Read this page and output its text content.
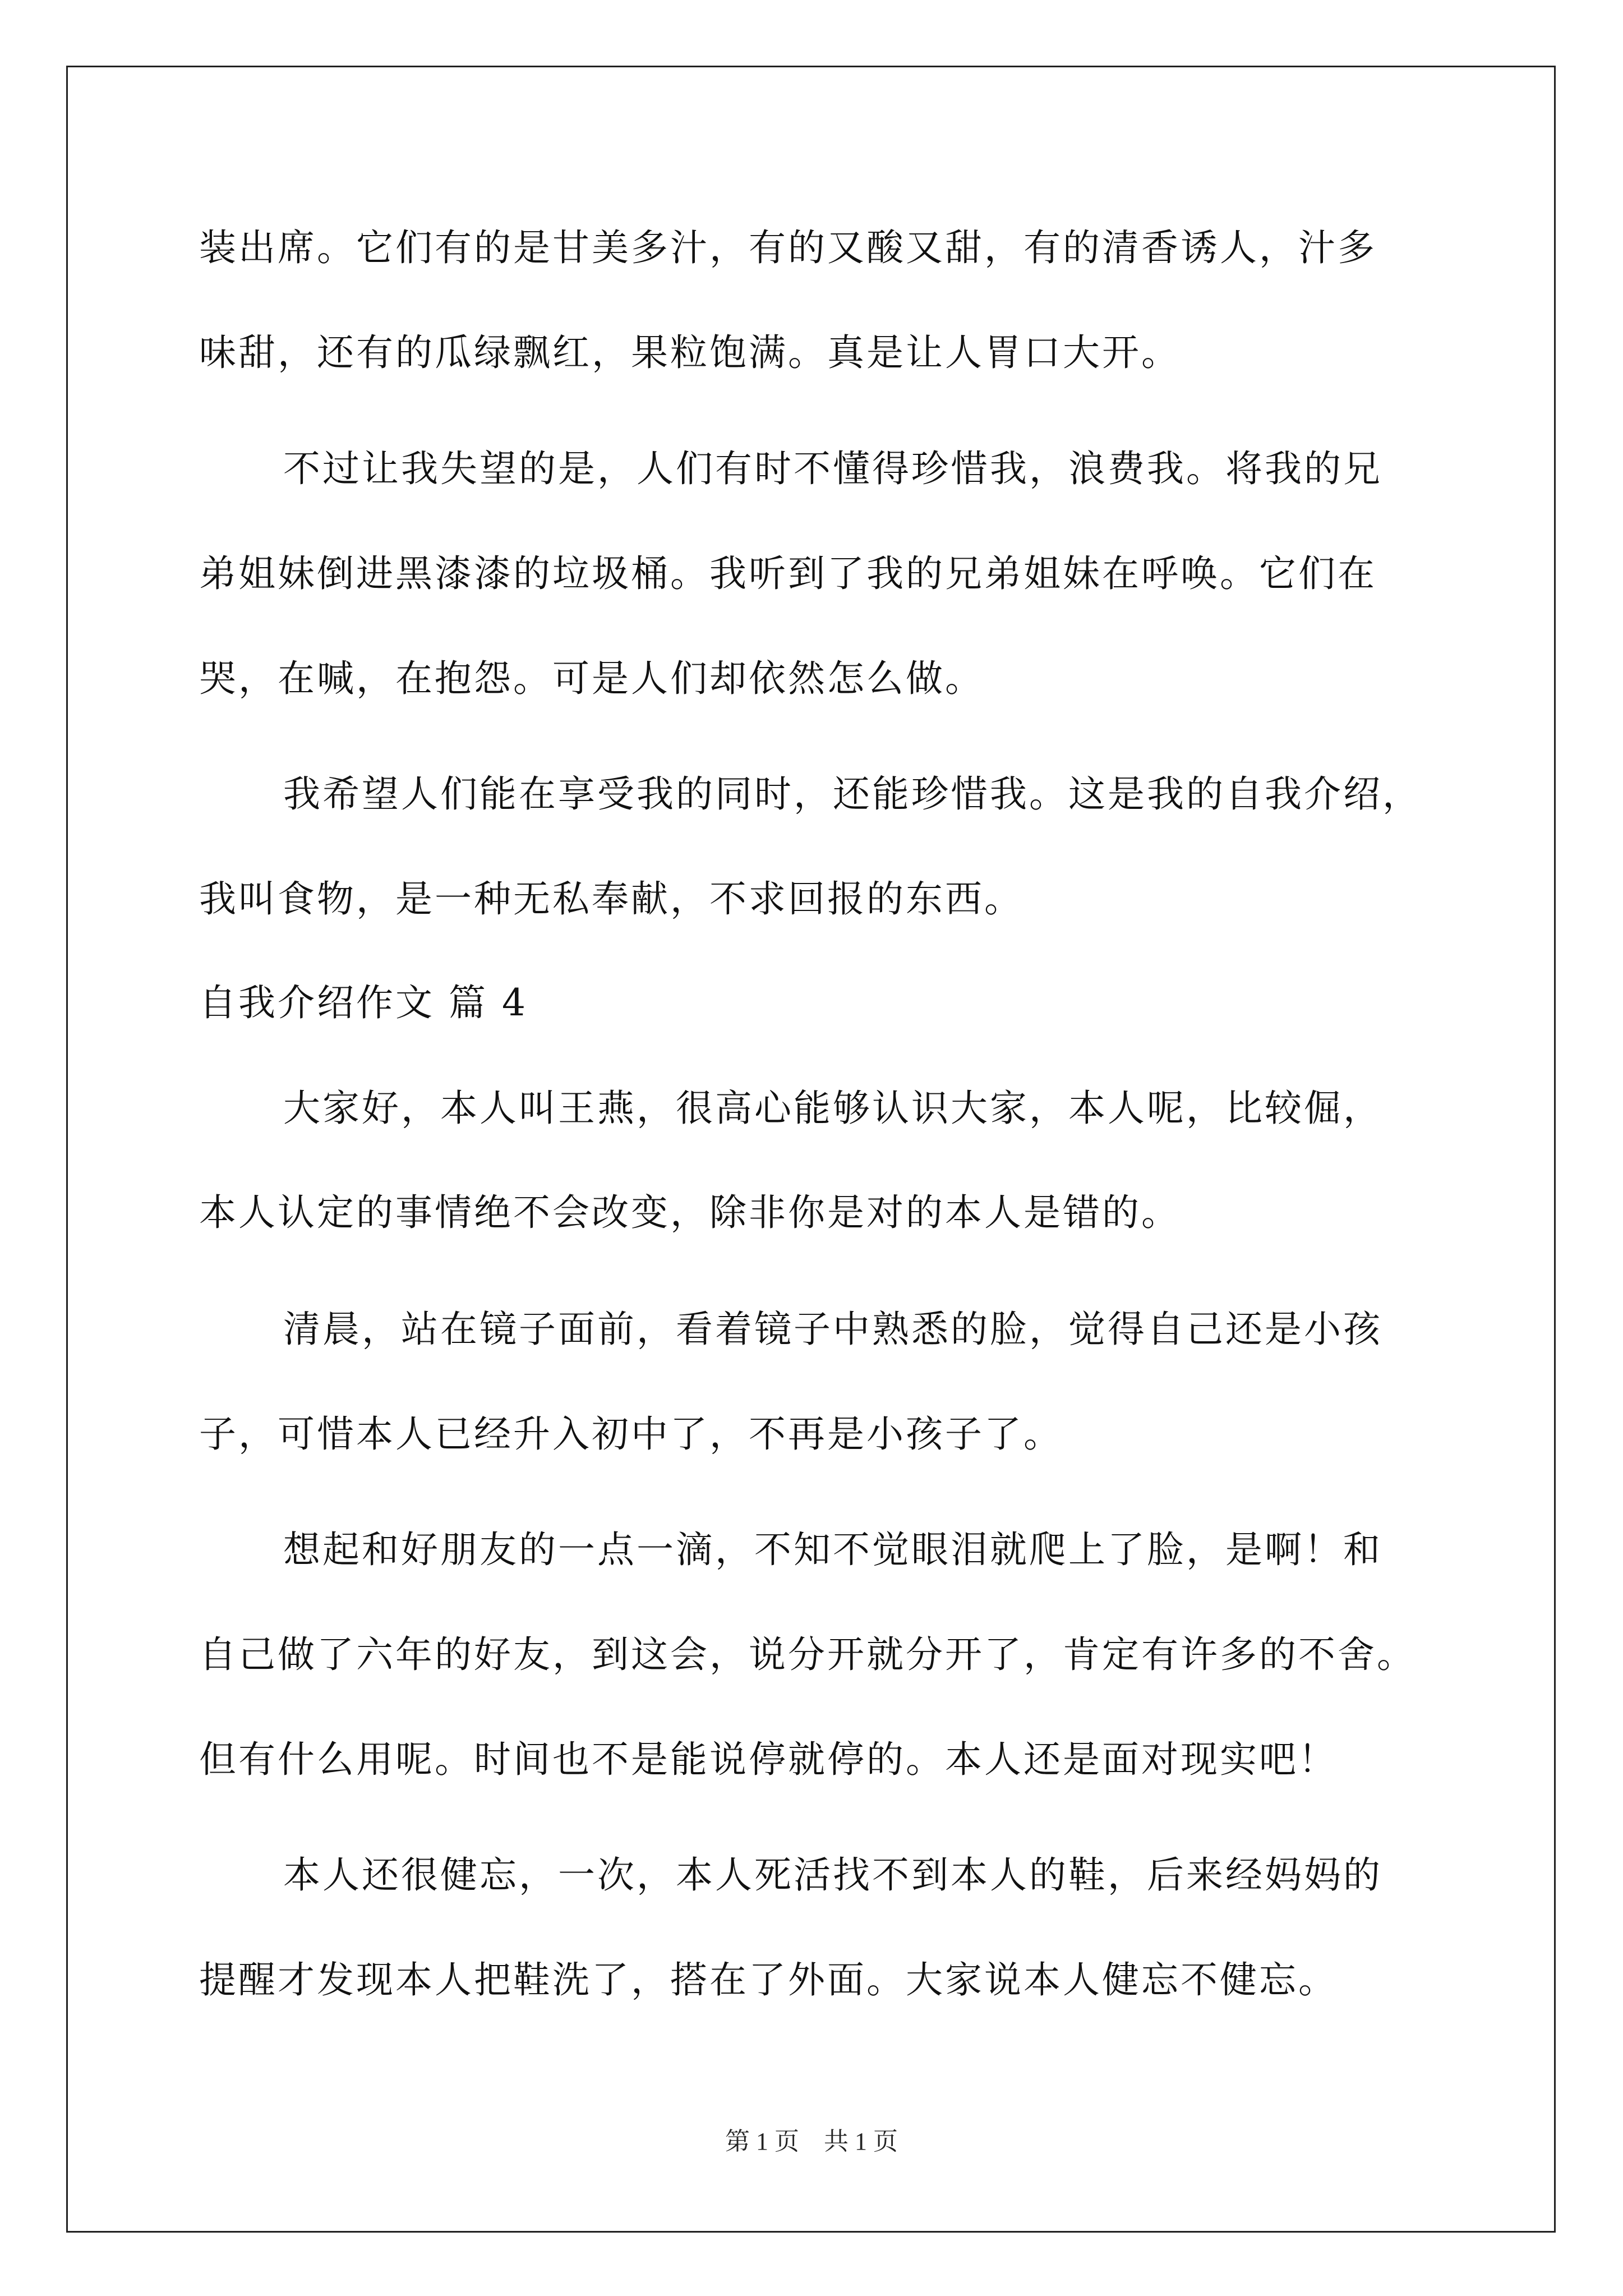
装出席。它们有的是甘美多汁，有的又酸又甜，有的清香诱人，汁多
味甜，还有的瓜绿飘红，果粒饱满。真是让人胃口大开。
不过让我失望的是，人们有时不懂得珍惜我，浪费我。将我的兄
弟姐妹倒进黑漆漆的垃圾桶。我听到了我的兄弟姐妹在呼唤。它们在
哭，在喊，在抱怨。可是人们却依然怎么做。
我希望人们能在享受我的同时，还能珍惜我。这是我的自我介绍，
我叫食物，是一种无私奉献，不求回报的东西。
自我介绍作文 篇 4
大家好，本人叫王燕，很高心能够认识大家，本人呢，比较倔，
本人认定的事情绝不会改变，除非你是对的本人是错的。
清晨，站在镜子面前，看着镜子中熟悉的脸，觉得自己还是小孩
子，可惜本人已经升入初中了，不再是小孩子了。
想起和好朋友的一点一滴，不知不觉眼泪就爬上了脸，是啊！和
自己做了六年的好友，到这会，说分开就分开了，肯定有许多的不舍。
但有什么用呢。时间也不是能说停就停的。本人还是面对现实吧！
本人还很健忘，一次，本人死活找不到本人的鞋，后来经妈妈的
提醒才发现本人把鞋洗了，搭在了外面。大家说本人健忘不健忘。
第 1 页　共 1 页
